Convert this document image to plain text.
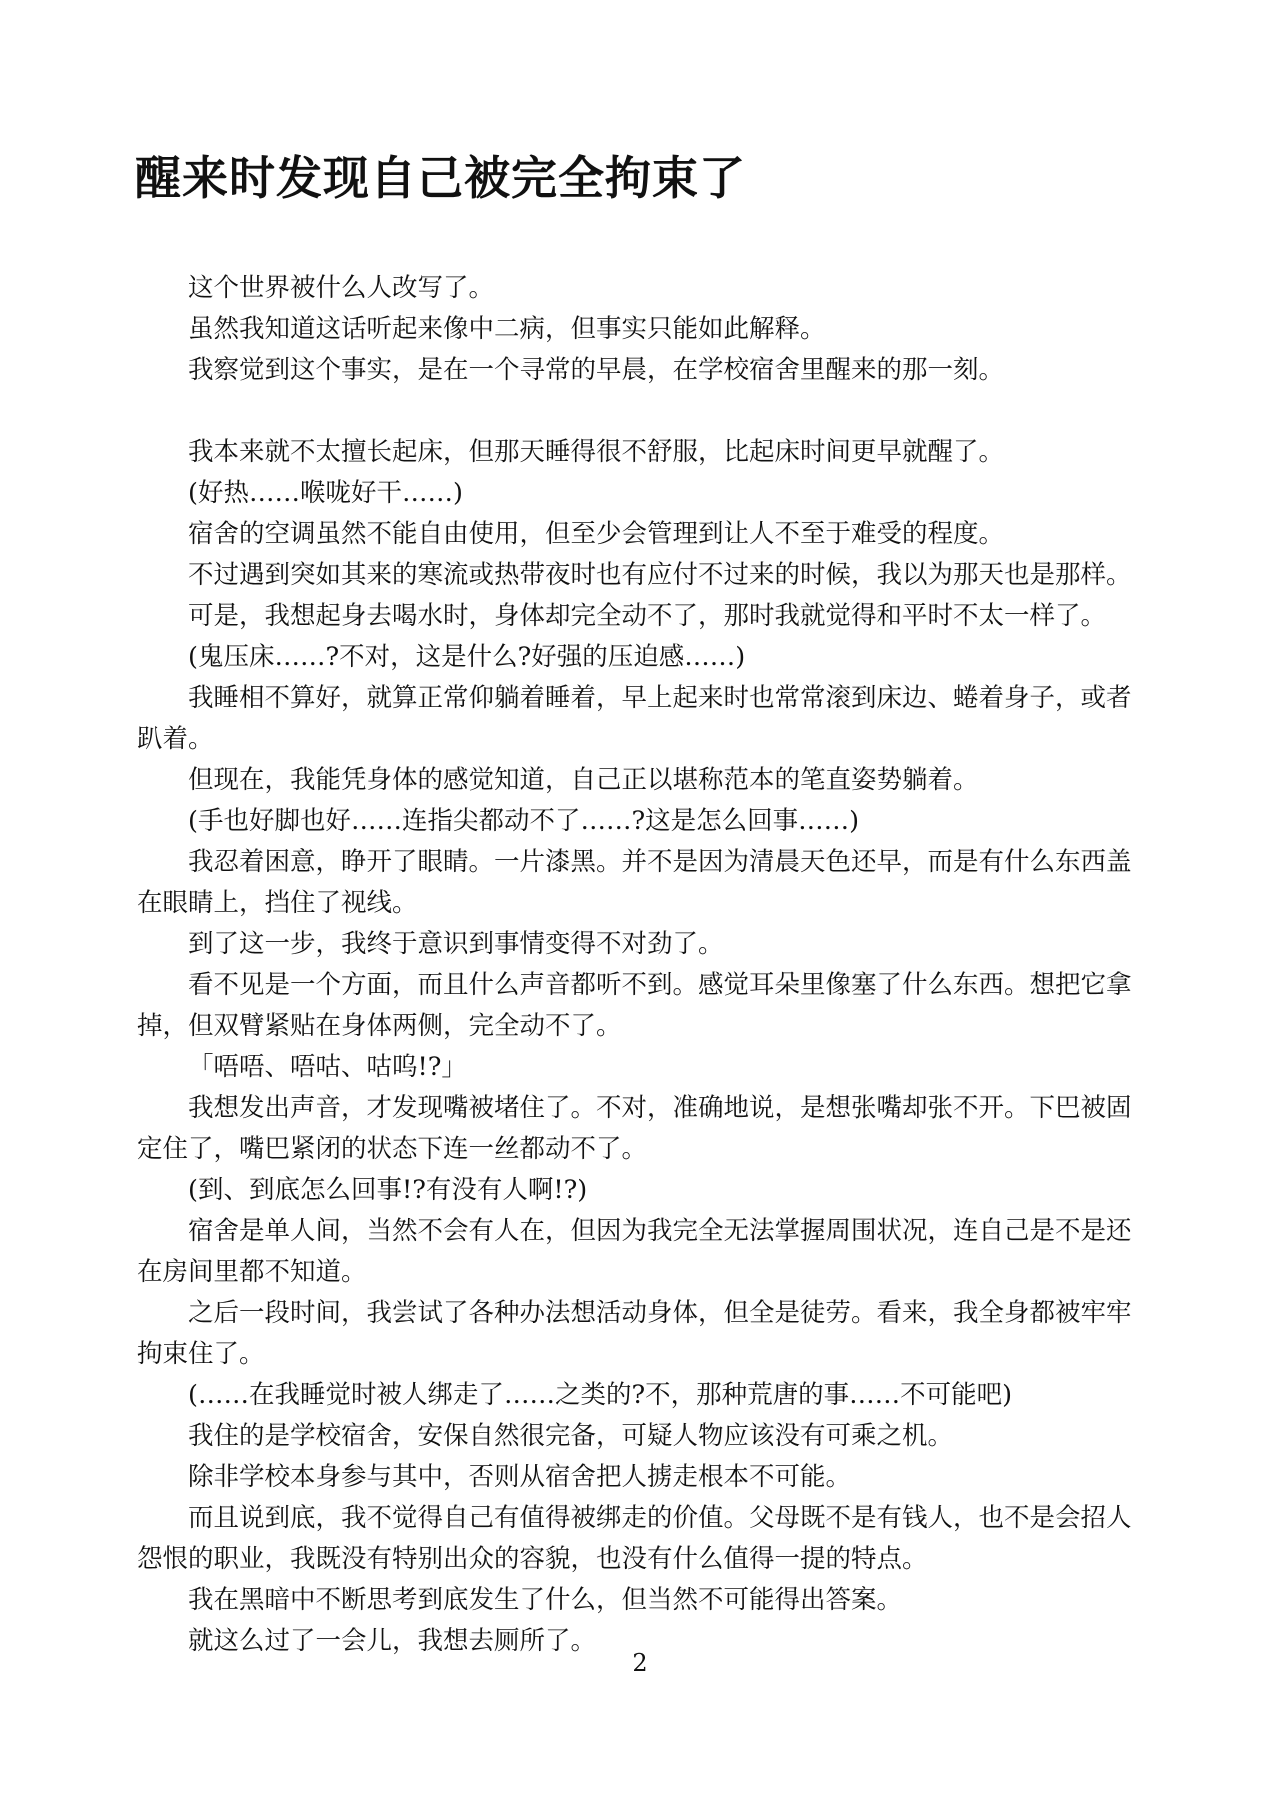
醒来时发现自己被完全拘束了

这个世界被什么人改写了。

虽然我知道这话听起来像中二病，但事实只能如此解释。

我察觉到这个事实，是在一个寻常的早晨，在学校宿舍里醒来的那一刻。

我本来就不太擅长起床，但那天睡得很不舒服，比起床时间更早就醒了。

(好热……喉咙好干……)

宿舍的空调虽然不能自由使用，但至少会管理到让人不至于难受的程度。

不过遇到突如其来的寒流或热带夜时也有应付不过来的时候，我以为那天也是那样。

可是，我想起身去喝水时，身体却完全动不了，那时我就觉得和平时不太一样了。

(鬼压床……?不对，这是什么?好强的压迫感……)

我睡相不算好，就算正常仰躺着睡着，早上起来时也常常滚到床边、蜷着身子，或者趴着。

但现在，我能凭身体的感觉知道，自己正以堪称范本的笔直姿势躺着。

(手也好脚也好……连指尖都动不了……?这是怎么回事……)

我忍着困意，睁开了眼睛。一片漆黑。并不是因为清晨天色还早，而是有什么东西盖在眼睛上，挡住了视线。

到了这一步，我终于意识到事情变得不对劲了。

看不见是一个方面，而且什么声音都听不到。感觉耳朵里像塞了什么东西。想把它拿掉，但双臂紧贴在身体两侧，完全动不了。

「唔唔、唔咕、咕呜!?」

我想发出声音，才发现嘴被堵住了。不对，准确地说，是想张嘴却张不开。下巴被固定住了，嘴巴紧闭的状态下连一丝都动不了。

(到、到底怎么回事!?有没有人啊!?)

宿舍是单人间，当然不会有人在，但因为我完全无法掌握周围状况，连自己是不是还在房间里都不知道。

之后一段时间，我尝试了各种办法想活动身体，但全是徒劳。看来，我全身都被牢牢拘束住了。

(……在我睡觉时被人绑走了……之类的?不，那种荒唐的事……不可能吧)

我住的是学校宿舍，安保自然很完备，可疑人物应该没有可乘之机。

除非学校本身参与其中，否则从宿舍把人掳走根本不可能。

而且说到底，我不觉得自己有值得被绑走的价值。父母既不是有钱人，也不是会招人怨恨的职业，我既没有特别出众的容貌，也没有什么值得一提的特点。

我在黑暗中不断思考到底发生了什么，但当然不可能得出答案。

就这么过了一会儿，我想去厕所了。

2
